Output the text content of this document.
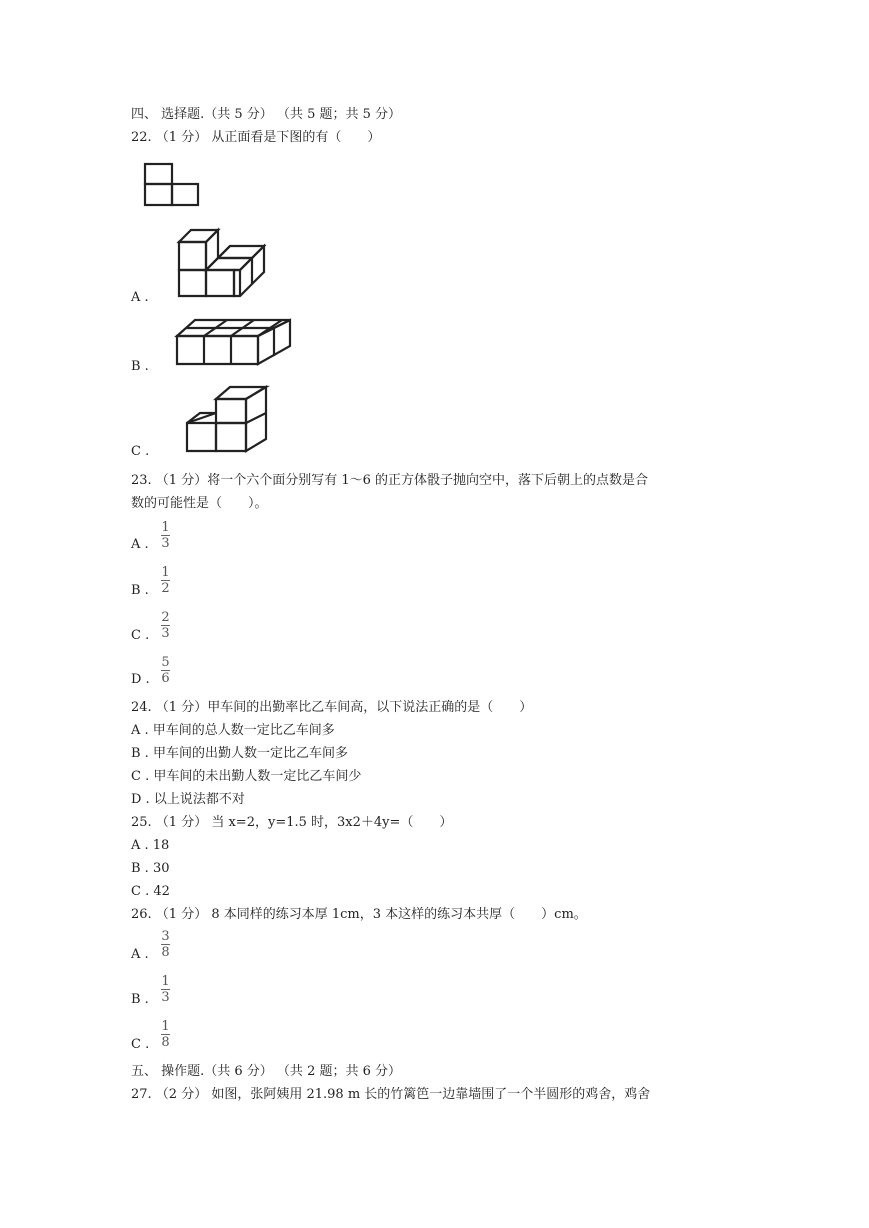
四、 选择题.（共 5 分） （共 5 题；共 5 分）
22. （1 分） 从正面看是下图的有（　　）
A .
B .
C .
23. （1 分）将一个六个面分别写有 1～6 的正方体骰子抛向空中，落下后朝上的点数是合
数的可能性是（　　）。
A .
1
3
B .
1
2
C .
2
3
D .
5
6
24. （1 分）甲车间的出勤率比乙车间高，以下说法正确的是（　　）
A . 甲车间的总人数一定比乙车间多
B . 甲车间的出勤人数一定比乙车间多
C . 甲车间的未出勤人数一定比乙车间少
D . 以上说法都不对
25. （1 分） 当 x=2，y=1.5 时，3x2＋4y=（　　）
A . 18
B . 30
C . 42
26. （1 分） 8 本同样的练习本厚 1cm，3 本这样的练习本共厚（　　）cm。
A .
3
8
B .
1
3
C .
1
8
五、 操作题.（共 6 分） （共 2 题；共 6 分）
27. （2 分） 如图，张阿姨用 21.98 m 长的竹篱笆一边靠墙围了一个半圆形的鸡舍，鸡舍
